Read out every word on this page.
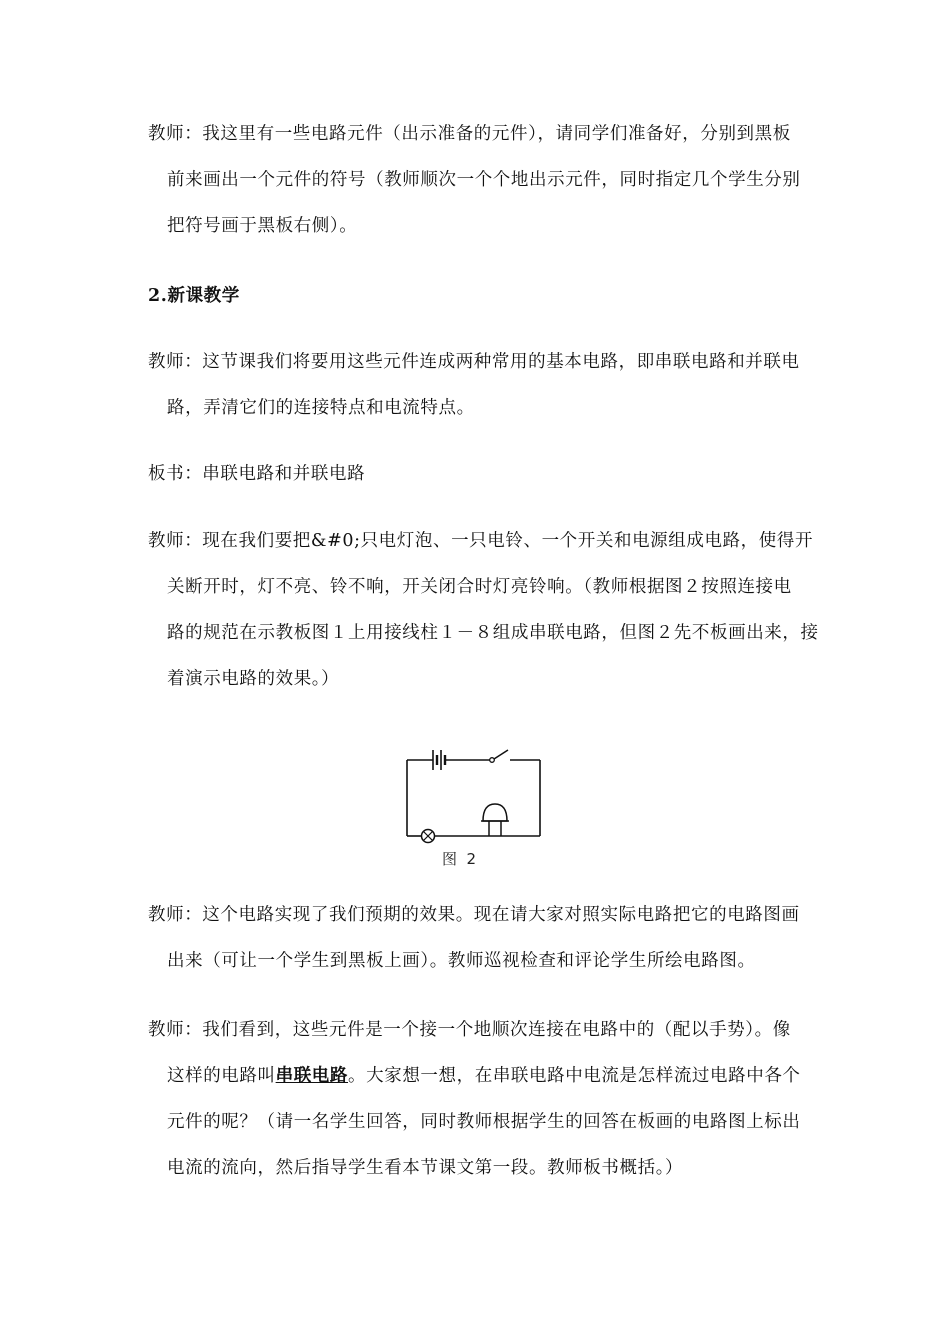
教师：我这里有一些电路元件（出示准备的元件），请同学们准备好，分别到黑板
前来画出一个元件的符号（教师顺次一个个地出示元件，同时指定几个学生分别
把符号画于黑板右侧）。

2.新课教学

教师：这节课我们将要用这些元件连成两种常用的基本电路，即串联电路和并联电
路，弄清它们的连接特点和电流特点。

板书：串联电路和并联电路

教师：现在我们要把&#0;只电灯泡、一只电铃、一个开关和电源组成电路，使得开
关断开时，灯不亮、铃不响，开关闭合时灯亮铃响。（教师根据图２按照连接电
路的规范在示教板图１上用接线柱１－８组成串联电路，但图２先不板画出来，接
着演示电路的效果。）

图  2

教师：这个电路实现了我们预期的效果。现在请大家对照实际电路把它的电路图画
出来（可让一个学生到黑板上画）。教师巡视检查和评论学生所绘电路图。

教师：我们看到，这些元件是一个接一个地顺次连接在电路中的（配以手势）。像
这样的电路叫串联电路。大家想一想，在串联电路中电流是怎样流过电路中各个
元件的呢？（请一名学生回答，同时教师根据学生的回答在板画的电路图上标出
电流的流向，然后指导学生看本节课文第一段。教师板书概括。）
